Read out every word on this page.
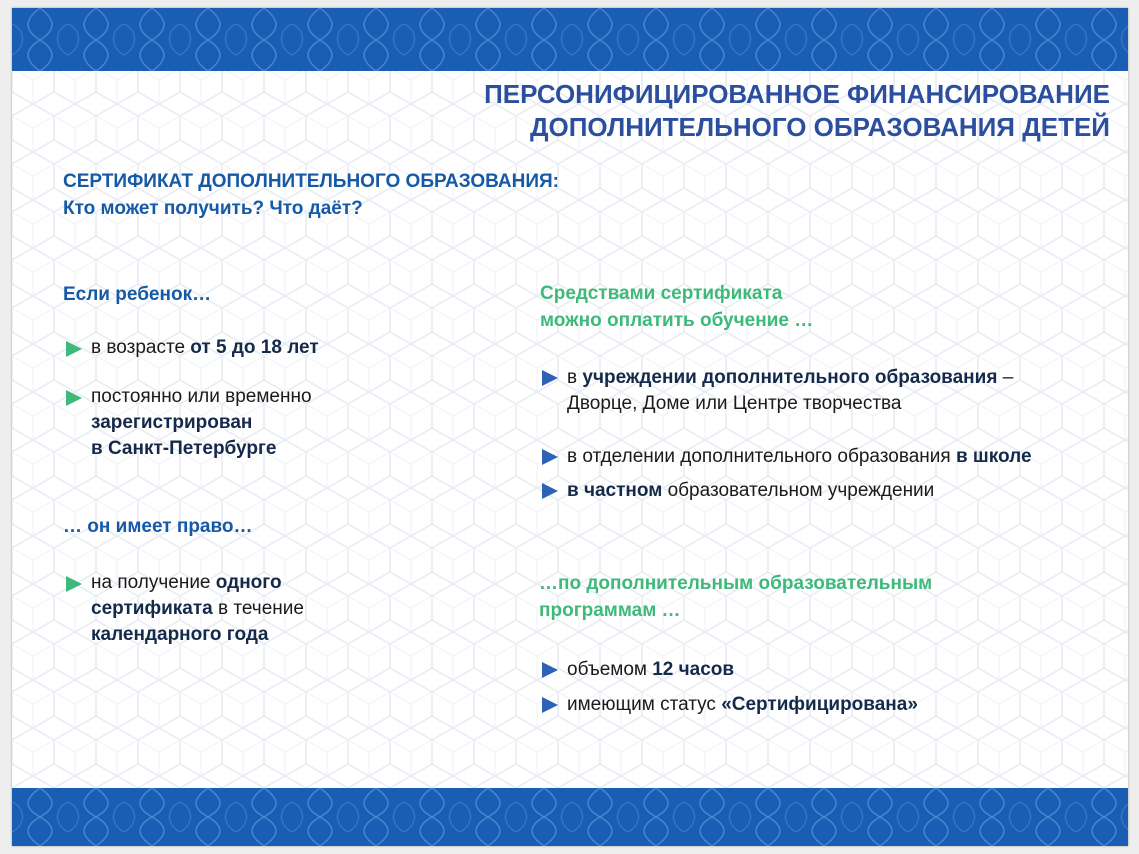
ПЕРСОНИФИЦИРОВАННОЕ ФИНАНСИРОВАНИЕ
ДОПОЛНИТЕЛЬНОГО ОБРАЗОВАНИЯ ДЕТЕЙ
СЕРТИФИКАТ ДОПОЛНИТЕЛЬНОГО ОБРАЗОВАНИЯ:
Кто может получить? Что даёт?

Если ребенок…

в возрасте от 5 до 18 лет
постоянно или временно
зарегистрирован
в Санкт-Петербурге

… он имеет право…

на получение одного
сертификата в течение
календарного года

Средствами сертификата
можно оплатить обучение …

в учреждении дополнительного образования –
Дворце, Доме или Центре творчества
в отделении дополнительного образования в школе
в частном образовательном учреждении

…по дополнительным образовательным
программам …

объемом 12 часов
имеющим статус «Сертифицирована»
